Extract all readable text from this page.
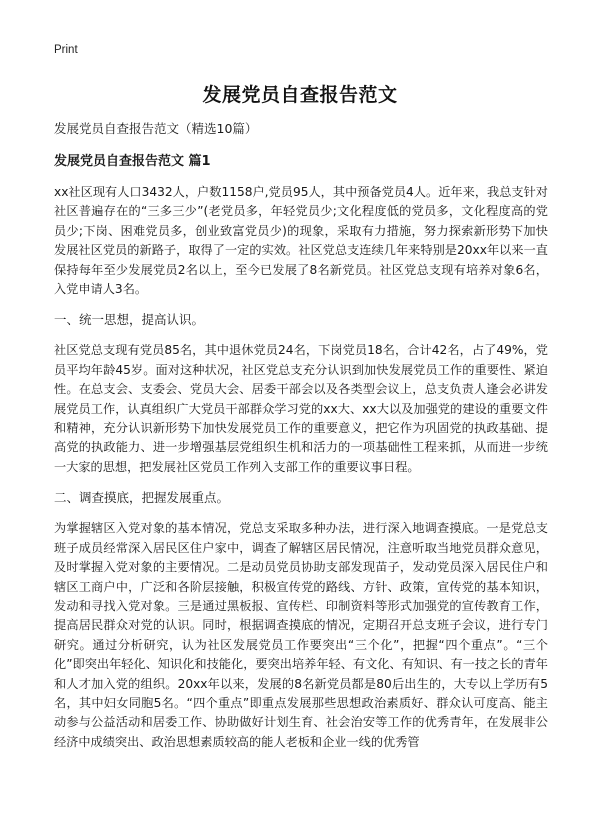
Print
发展党员自查报告范文
发展党员自查报告范文（精选10篇）
发展党员自查报告范文 篇1
xx社区现有人口3432人，户数1158户,党员95人，其中预备党员4人。近年来，我总支针对社区普遍存在的“三多三少”(老党员多，年轻党员少;文化程度低的党员多，文化程度高的党员少;下岗、困难党员多，创业致富党员少)的现象，采取有力措施，努力探索新形势下加快发展社区党员的新路子，取得了一定的实效。社区党总支连续几年来特别是20xx年以来一直保持每年至少发展党员2名以上，至今已发展了8名新党员。社区党总支现有培养对象6名，入党申请人3名。
一、统一思想，提高认识。
社区党总支现有党员85名，其中退休党员24名，下岗党员18名，合计42名，占了49%，党员平均年龄45岁。面对这种状况，社区党总支充分认识到加快发展党员工作的重要性、紧迫性。在总支会、支委会、党员大会、居委干部会以及各类型会议上，总支负责人逢会必讲发展党员工作，认真组织广大党员干部群众学习党的xx大、xx大以及加强党的建设的重要文件和精神，充分认识新形势下加快发展党员工作的重要意义，把它作为巩固党的执政基础、提高党的执政能力、进一步增强基层党组织生机和活力的一项基础性工程来抓，从而进一步统一大家的思想，把发展社区党员工作列入支部工作的重要议事日程。
二、调查摸底，把握发展重点。
为掌握辖区入党对象的基本情况，党总支采取多种办法，进行深入地调查摸底。一是党总支班子成员经常深入居民区住户家中，调查了解辖区居民情况，注意听取当地党员群众意见，及时掌握入党对象的主要情况。二是动员党员协助支部发现苗子，发动党员深入居民住户和辖区工商户中，广泛和各阶层接触，积极宣传党的路线、方针、政策，宣传党的基本知识，发动和寻找入党对象。三是通过黑板报、宣传栏、印制资料等形式加强党的宣传教育工作，提高居民群众对党的认识。同时，根据调查摸底的情况，定期召开总支班子会议，进行专门研究。通过分析研究，认为社区发展党员工作要突出“三个化”，把握“四个重点”。“三个化”即突出年轻化、知识化和技能化，要突出培养年轻、有文化、有知识、有一技之长的青年和人才加入党的组织。20xx年以来，发展的8名新党员都是80后出生的，大专以上学历有5名，其中妇女同胞5名。“四个重点”即重点发展那些思想政治素质好、群众认可度高、能主动参与公益活动和居委工作、协助做好计划生育、社会治安等工作的优秀青年，在发展非公经济中成绩突出、政治思想素质较高的能人老板和企业一线的优秀管
